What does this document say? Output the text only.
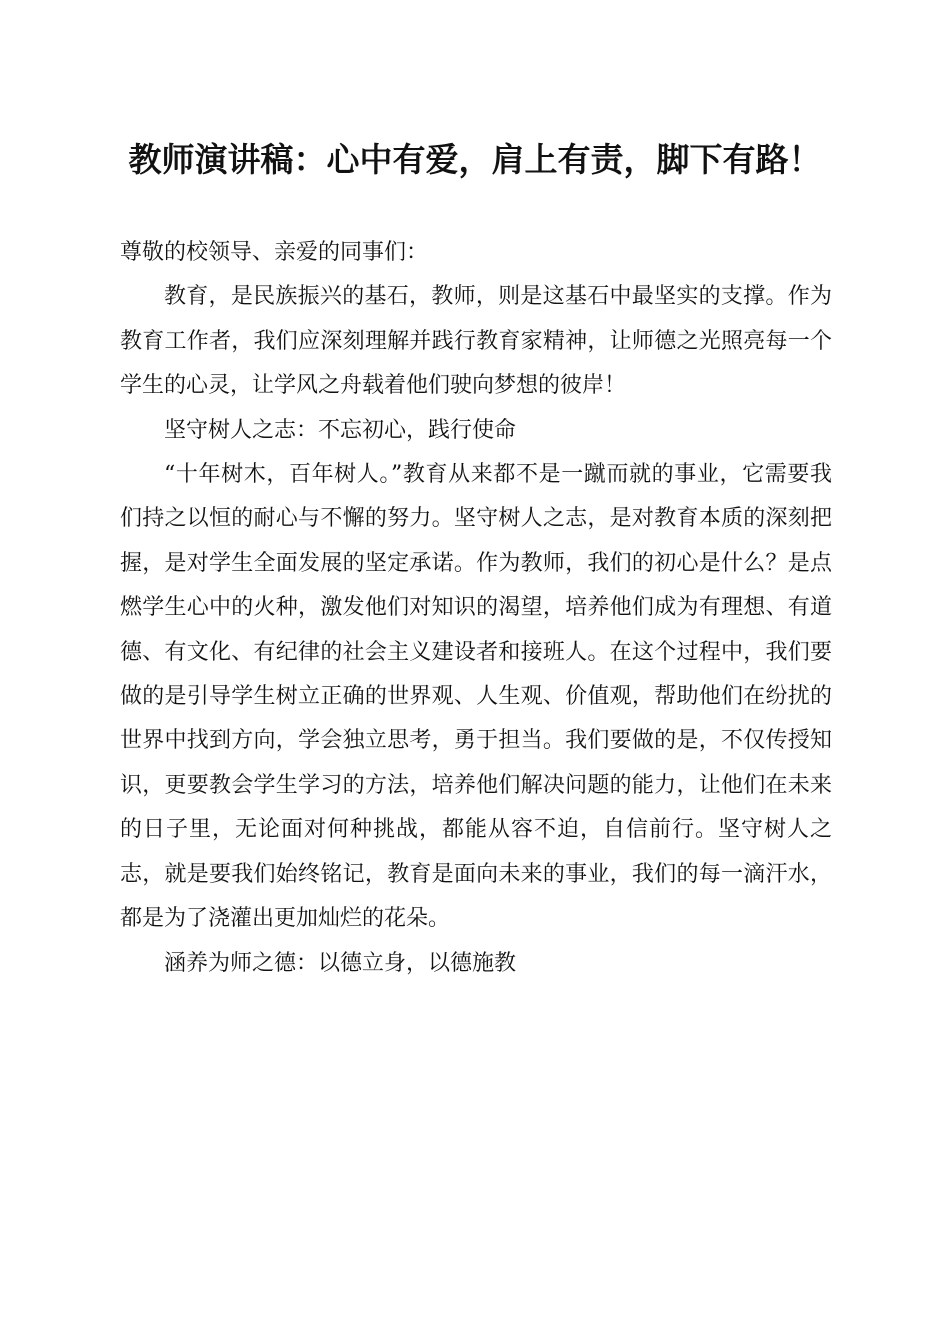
教师演讲稿：心中有爱，肩上有责，脚下有路！

尊敬的校领导、亲爱的同事们：

教育，是民族振兴的基石，教师，则是这基石中最坚实的支撑。作为教育工作者，我们应深刻理解并践行教育家精神，让师德之光照亮每一个学生的心灵，让学风之舟载着他们驶向梦想的彼岸！

坚守树人之志：不忘初心，践行使命

“十年树木，百年树人。”教育从来都不是一蹴而就的事业，它需要我们持之以恒的耐心与不懈的努力。坚守树人之志，是对教育本质的深刻把握，是对学生全面发展的坚定承诺。作为教师，我们的初心是什么？是点燃学生心中的火种，激发他们对知识的渴望，培养他们成为有理想、有道德、有文化、有纪律的社会主义建设者和接班人。在这个过程中，我们要做的是引导学生树立正确的世界观、人生观、价值观，帮助他们在纷扰的世界中找到方向，学会独立思考，勇于担当。我们要做的是，不仅传授知识，更要教会学生学习的方法，培养他们解决问题的能力，让他们在未来的日子里，无论面对何种挑战，都能从容不迫，自信前行。坚守树人之志，就是要我们始终铭记，教育是面向未来的事业，我们的每一滴汗水，都是为了浇灌出更加灿烂的花朵。

涵养为师之德：以德立身，以德施教
